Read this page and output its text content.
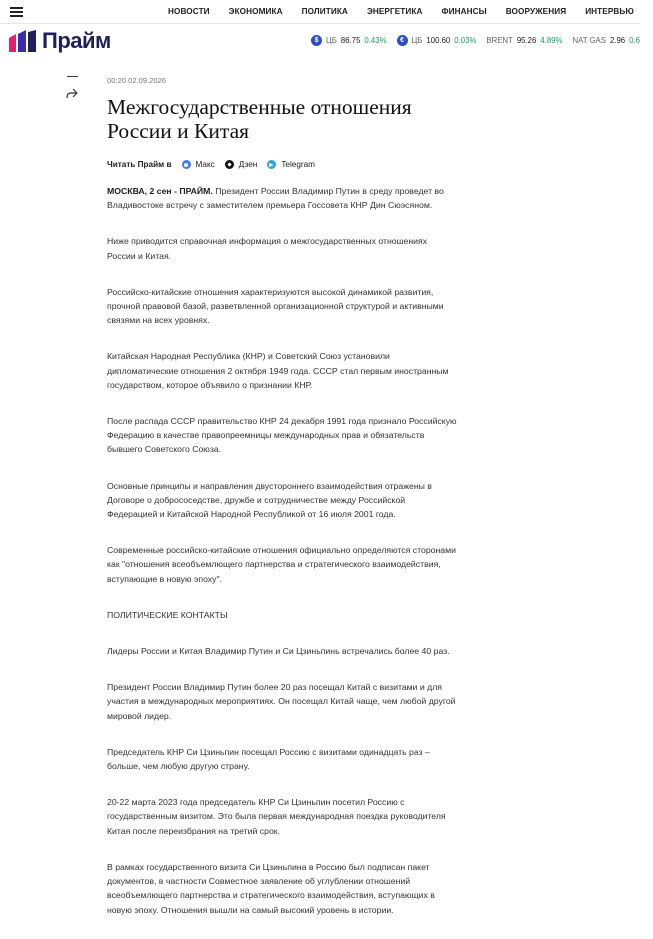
НОВОСТИ ЭКОНОМИКА ПОЛИТИКА ЭНЕРГЕТИКА ФИНАНСЫ ВООРУЖЕНИЯ ИНТЕРВЬЮ
Прайм	$ ЦБ 86.75 0.43%	€ ЦБ 100.60 0.03% BRENT 95.26 4.89% NAT GAS 2.96 0.6
00:20 02.09.2026
Межгосударственные отношения России и Китая
Читать Прайм в	Макс	Дзен	Telegram

МОСКВА, 2 сен - ПРАЙМ. Президент России Владимир Путин в среду проведет во Владивостоке встречу с заместителем премьера Госсовета КНР Дин Сюэсяном.

Ниже приводится справочная информация о межгосударственных отношениях России и Китая.

Российско-китайские отношения характеризуются высокой динамикой развития, прочной правовой базой, разветвленной организационной структурой и активными связями на всех уровнях.

Китайская Народная Республика (КНР) и Советский Союз установили дипломатические отношения 2 октября 1949 года. СССР стал первым иностранным государством, которое объявило о признании КНР.

После распада СССР правительство КНР 24 декабря 1991 года признало Российскую Федерацию в качестве правопреемницы международных прав и обязательств бывшего Советского Союза.

Основные принципы и направления двустороннего взаимодействия отражены в Договоре о добрососедстве, дружбе и сотрудничестве между Российской Федерацией и Китайской Народной Республикой от 16 июля 2001 года.

Современные российско-китайские отношения официально определяются сторонами как "отношения всеобъемлющего партнерства и стратегического взаимодействия, вступающие в новую эпоху".

ПОЛИТИЧЕСКИЕ КОНТАКТЫ

Лидеры России и Китая Владимир Путин и Си Цзиньпинь встречались более 40 раз.

Президент России Владимир Путин более 20 раз посещал Китай с визитами и для участия в международных мероприятиях. Он посещал Китай чаще, чем любой другой мировой лидер.

Председатель КНР Си Цзиньпин посещал Россию с визитами одинадцать раз – больше, чем любую другую страну.

20-22 марта 2023 года председатель КНР Си Цзиньпин посетил Россию с государственным визитом. Это была первая международная поездка руководителя Китая после переизбрания на третий срок.

В рамках государственного визита Си Цзиньпина в Россию был подписан пакет документов, в частности Совместное заявление об углублении отношений всеобъемлющего партнерства и стратегического взаимодействия, вступающих в новую эпоху. Отношения вышли на самый высокий уровень в истории.
